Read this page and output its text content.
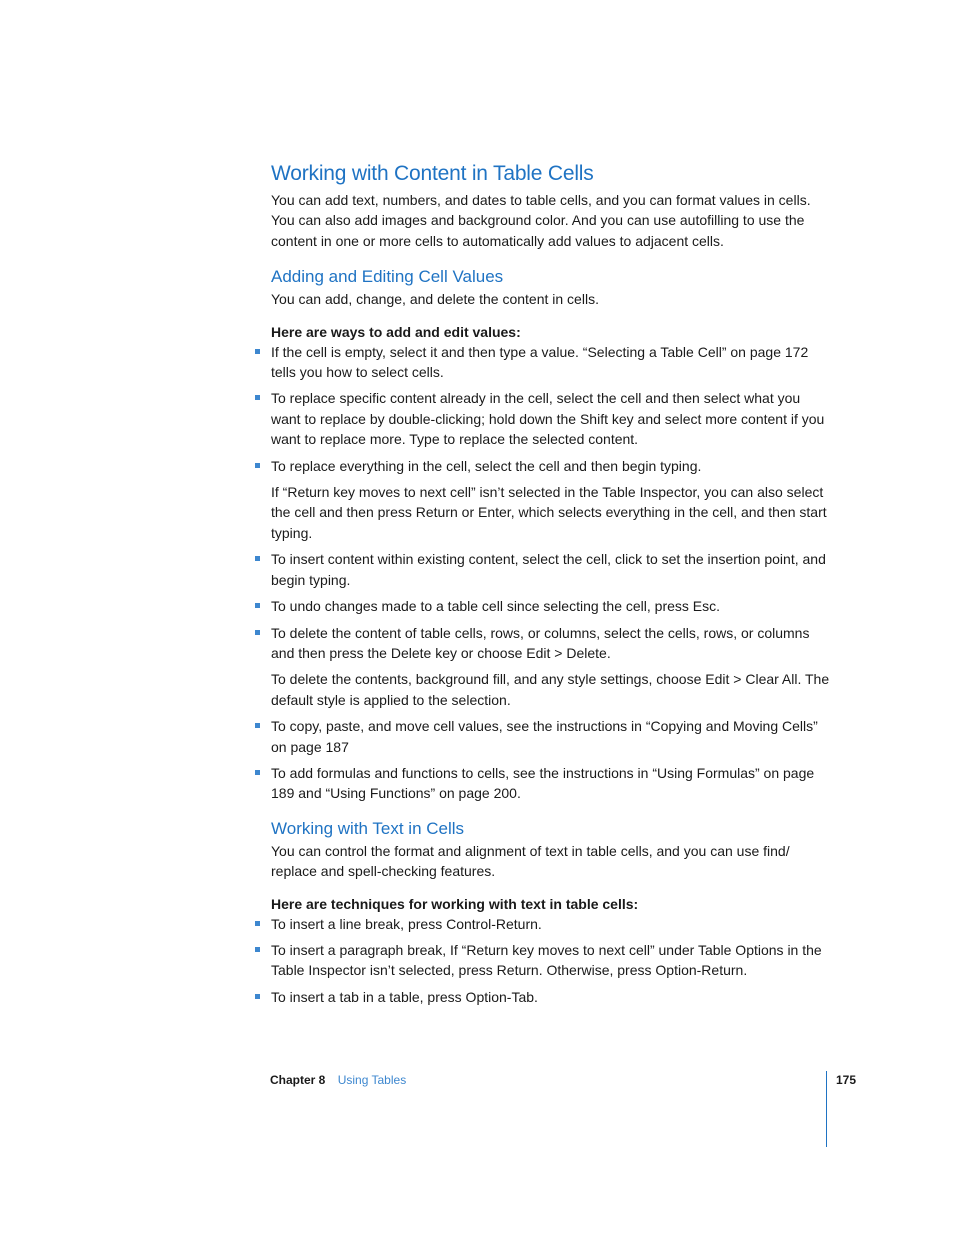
Working with Content in Table Cells

You can add text, numbers, and dates to table cells, and you can format values in cells. You can also add images and background color. And you can use autofilling to use the content in one or more cells to automatically add values to adjacent cells.

Adding and Editing Cell Values

You can add, change, and delete the content in cells.

Here are ways to add and edit values:

If the cell is empty, select it and then type a value. “Selecting a Table Cell” on page 172 tells you how to select cells.
To replace specific content already in the cell, select the cell and then select what you want to replace by double-clicking; hold down the Shift key and select more content if you want to replace more. Type to replace the selected content.
To replace everything in the cell, select the cell and then begin typing.
If “Return key moves to next cell” isn’t selected in the Table Inspector, you can also select the cell and then press Return or Enter, which selects everything in the cell, and then start typing.
To insert content within existing content, select the cell, click to set the insertion point, and begin typing.
To undo changes made to a table cell since selecting the cell, press Esc.
To delete the content of table cells, rows, or columns, select the cells, rows, or columns and then press the Delete key or choose Edit > Delete.
To delete the contents, background fill, and any style settings, choose Edit > Clear All. The default style is applied to the selection.
To copy, paste, and move cell values, see the instructions in “Copying and Moving Cells” on page 187
To add formulas and functions to cells, see the instructions in “Using Formulas” on page 189 and “Using Functions” on page 200.
Working with Text in Cells

You can control the format and alignment of text in table cells, and you can use find/ replace and spell-checking features.

Here are techniques for working with text in table cells:

To insert a line break, press Control-Return.
To insert a paragraph break, If “Return key moves to next cell” under Table Options in the Table Inspector isn’t selected, press Return. Otherwise, press Option-Return.
To insert a tab in a table, press Option-Tab.
Chapter 8 Using Tables	175
